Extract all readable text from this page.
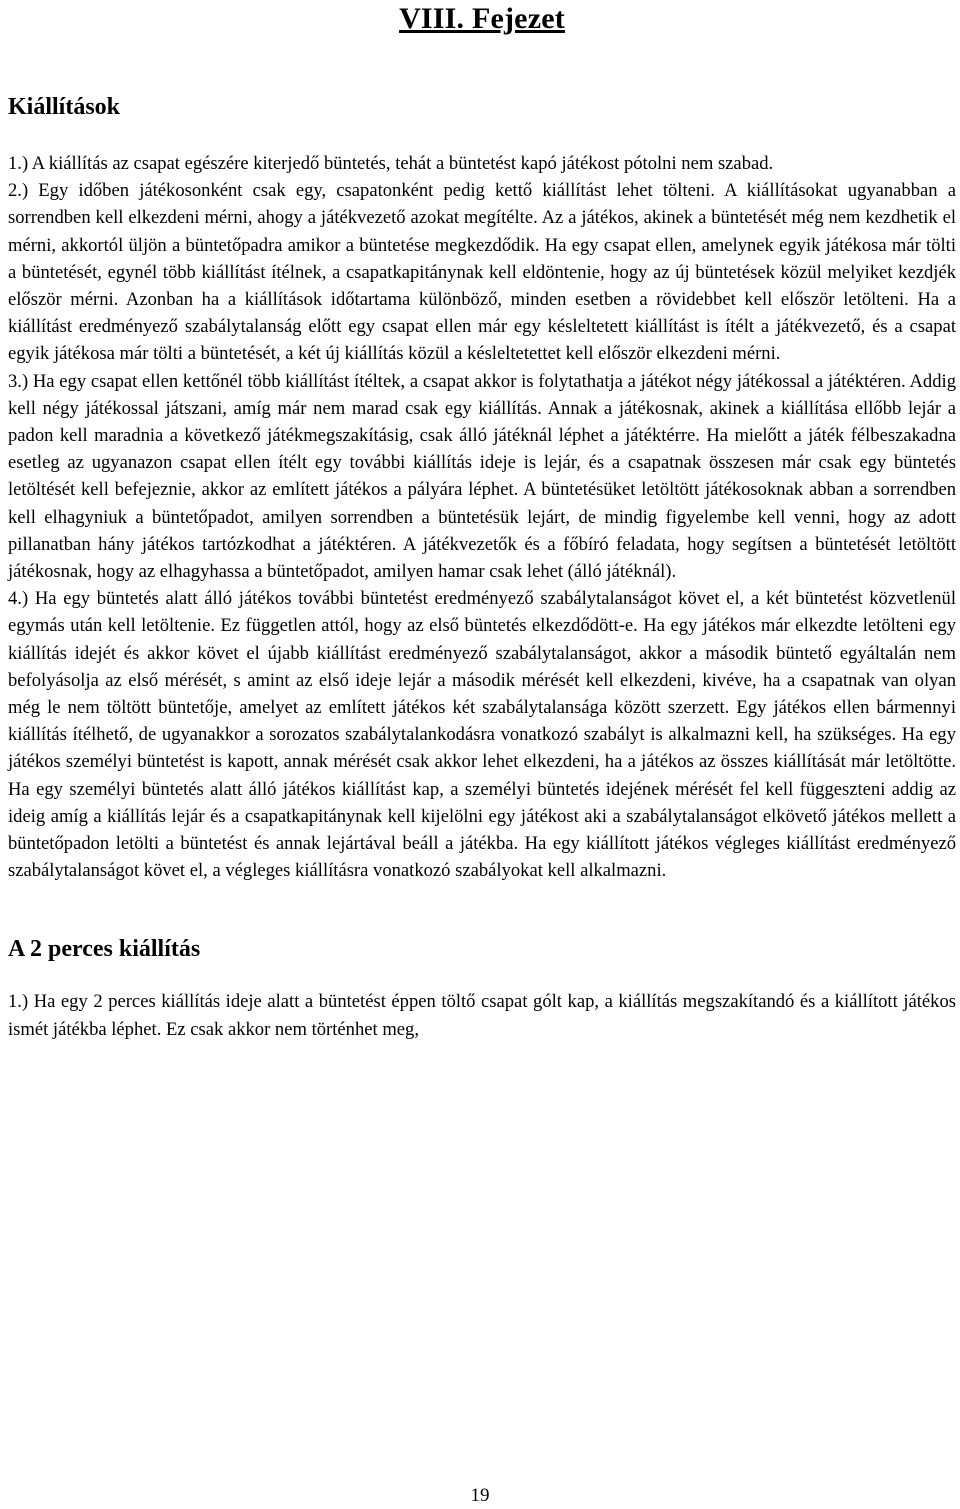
VIII. Fejezet
Kiállítások

1.) A kiállítás az csapat egészére kiterjedő büntetés, tehát a büntetést kapó játékost pótolni nem szabad.

2.) Egy időben játékosonként csak egy, csapatonként pedig kettő kiállítást lehet tölteni. A kiállításokat ugyanabban a sorrendben kell elkezdeni mérni, ahogy a játékvezető azokat megítélte. Az a játékos, akinek a büntetését még nem kezdhetik el mérni, akkortól üljön a büntetőpadra amikor a büntetése megkezdődik. Ha egy csapat ellen, amelynek egyik játékosa már tölti a büntetését, egynél több kiállítást ítélnek, a csapatkapitánynak kell eldöntenie, hogy az új büntetések közül melyiket kezdjék először mérni. Azonban ha a kiállítások időtartama különböző, minden esetben a rövidebbet kell először letölteni. Ha a kiállítást eredményező szabálytalanság előtt egy csapat ellen már egy késleltetett kiállítást is ítélt a játékvezető, és a csapat egyik játékosa már tölti a büntetését, a két új kiállítás közül a késleltetettet kell először elkezdeni mérni.

3.) Ha egy csapat ellen kettőnél több kiállítást ítéltek, a csapat akkor is folytathatja a játékot négy játékossal a játéktéren. Addig kell négy játékossal játszani, amíg már nem marad csak egy kiállítás. Annak a játékosnak, akinek a kiállítása ellőbb lejár a padon kell maradnia a következő játékmegszakításig, csak álló játéknál léphet a játéktérre. Ha mielőtt a játék félbeszakadna esetleg az ugyanazon csapat ellen ítélt egy további kiállítás ideje is lejár, és a csapatnak összesen már csak egy büntetés letöltését kell befejeznie, akkor az említett játékos a pályára léphet. A büntetésüket letöltött játékosoknak abban a sorrendben kell elhagyniuk a büntetőpadot, amilyen sorrendben a büntetésük lejárt, de mindig figyelembe kell venni, hogy az adott pillanatban hány játékos tartózkodhat a játéktéren. A játékvezetők és a főbíró feladata, hogy segítsen a büntetését letöltött játékosnak, hogy az elhagyhassa a büntetőpadot, amilyen hamar csak lehet (álló játéknál).

4.) Ha egy büntetés alatt álló játékos további büntetést eredményező szabálytalanságot követ el, a két büntetést közvetlenül egymás után kell letöltenie. Ez független attól, hogy az első büntetés elkezdődött-e. Ha egy játékos már elkezdte letölteni egy kiállítás idejét és akkor követ el újabb kiállítást eredményező szabálytalanságot, akkor a második büntető egyáltalán nem befolyásolja az első mérését, s amint az első ideje lejár a második mérését kell elkezdeni, kivéve, ha a csapatnak van olyan még le nem töltött büntetője, amelyet az említett játékos két szabálytalansága között szerzett. Egy játékos ellen bármennyi kiállítás ítélhető, de ugyanakkor a sorozatos szabálytalankodásra vonatkozó szabályt is alkalmazni kell, ha szükséges. Ha egy játékos személyi büntetést is kapott, annak mérését csak akkor lehet elkezdeni, ha a játékos az összes kiállítását már letöltötte. Ha egy személyi büntetés alatt álló játékos kiállítást kap, a személyi büntetés idejének mérését fel kell függeszteni addig az ideig amíg a kiállítás lejár és a csapatkapitánynak kell kijelölni egy játékost aki a szabálytalanságot elkövető játékos mellett a büntetőpadon letölti a büntetést és annak lejártával beáll a játékba. Ha egy kiállított játékos végleges kiállítást eredményező szabálytalanságot követ el, a végleges kiállításra vonatkozó szabályokat kell alkalmazni.

A 2 perces kiállítás

1.) Ha egy 2 perces kiállítás ideje alatt a büntetést éppen töltő csapat gólt kap, a kiállítás megszakítandó és a kiállított játékos ismét játékba léphet. Ez csak akkor nem történhet meg,

19
